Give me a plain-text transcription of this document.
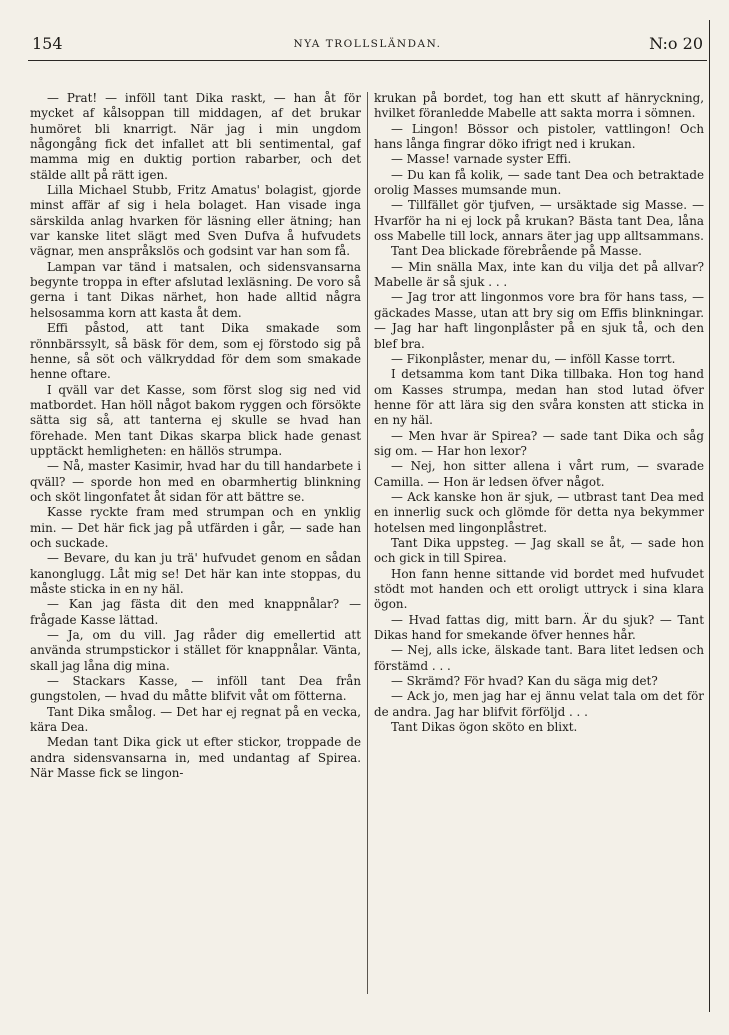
154	NYA TROLLSLÄNDAN.	N:o 20

— Prat! — inföll tant Dika raskt, — han åt för mycket af kålsoppan till middagen, af det brukar humöret bli knarrigt. När jag i min ungdom någongång fick det infallet att bli sentimental, gaf mamma mig en duktig portion rabarber, och det stälde allt på rätt igen.

Lilla Michael Stubb, Fritz Amatus' bolagist, gjorde minst affär af sig i hela bolaget. Han visade inga särskilda anlag hvarken för läsning eller ätning; han var kanske litet slägt med Sven Dufva å hufvudets vägnar, men anspråkslös och godsint var han som få.

Lampan var tänd i matsalen, och sidensvansarna begynte troppa in efter afslutad lexläsning. De voro så gerna i tant Dikas närhet, hon hade alltid några helsosamma korn att kasta åt dem.

Effi påstod, att tant Dika smakade som rönnbärssylt, så bäsk för dem, som ej förstodo sig på henne, så söt och välkryddad för dem som smakade henne oftare.

I qväll var det Kasse, som först slog sig ned vid matbordet. Han höll något bakom ryggen och försökte sätta sig så, att tanterna ej skulle se hvad han förehade. Men tant Dikas skarpa blick hade genast upptäckt hemligheten: en hällös strumpa.

— Nå, master Kasimir, hvad har du till handarbete i qväll? — sporde hon med en obarmhertig blinkning och sköt lingonfatet åt sidan för att bättre se.

Kasse ryckte fram med strumpan och en ynklig min. — Det här fick jag på utfärden i går, — sade han och suckade.

— Bevare, du kan ju trä' hufvudet genom en sådan kanonglugg. Låt mig se! Det här kan inte stoppas, du måste sticka in en ny häl.

— Kan jag fästa dit den med knappnålar? — frågade Kasse lättad.

— Ja, om du vill. Jag råder dig emellertid att använda strumpstickor i stället för knappnålar. Vänta, skall jag låna dig mina.

— Stackars Kasse, — inföll tant Dea från gungstolen, — hvad du måtte blifvit våt om fötterna.

Tant Dika smålog. — Det har ej regnat på en vecka, kära Dea.

Medan tant Dika gick ut efter stickor, troppade de andra sidensvansarna in, med undantag af Spirea. När Masse fick se lingon-

krukan på bordet, tog han ett skutt af hänryckning, hvilket föranledde Mabelle att sakta morra i sömnen.

— Lingon! Bössor och pistoler, vattlingon! Och hans långa fingrar döko ifrigt ned i krukan.

— Masse! varnade syster Effi.

— Du kan få kolik, — sade tant Dea och betraktade orolig Masses mumsande mun.

— Tillfället gör tjufven, — ursäktade sig Masse. — Hvarför ha ni ej lock på krukan? Bästa tant Dea, låna oss Mabelle till lock, annars äter jag upp alltsammans.

Tant Dea blickade förebrående på Masse.

— Min snälla Max, inte kan du vilja det på allvar? Mabelle är så sjuk . . .

— Jag tror att lingonmos vore bra för hans tass, — gäckades Masse, utan att bry sig om Effis blinkningar. — Jag har haft lingonplåster på en sjuk tå, och den blef bra.

— Fikonplåster, menar du, — inföll Kasse torrt.

I detsamma kom tant Dika tillbaka. Hon tog hand om Kasses strumpa, medan han stod lutad öfver henne för att lära sig den svåra konsten att sticka in en ny häl.

— Men hvar är Spirea? — sade tant Dika och såg sig om. — Har hon lexor?

— Nej, hon sitter allena i vårt rum, — svarade Camilla. — Hon är ledsen öfver något.

— Ack kanske hon är sjuk, — utbrast tant Dea med en innerlig suck och glömde för detta nya bekymmer hotelsen med lingonplåstret.

Tant Dika uppsteg. — Jag skall se åt, — sade hon och gick in till Spirea.

Hon fann henne sittande vid bordet med hufvudet stödt mot handen och ett oroligt uttryck i sina klara ögon.

— Hvad fattas dig, mitt barn. Är du sjuk? — Tant Dikas hand for smekande öfver hennes hår.

— Nej, alls icke, älskade tant. Bara litet ledsen och förstämd . . .

— Skrämd? För hvad? Kan du säga mig det?

— Ack jo, men jag har ej ännu velat tala om det för de andra. Jag har blifvit förföljd . . .

Tant Dikas ögon sköto en blixt.
